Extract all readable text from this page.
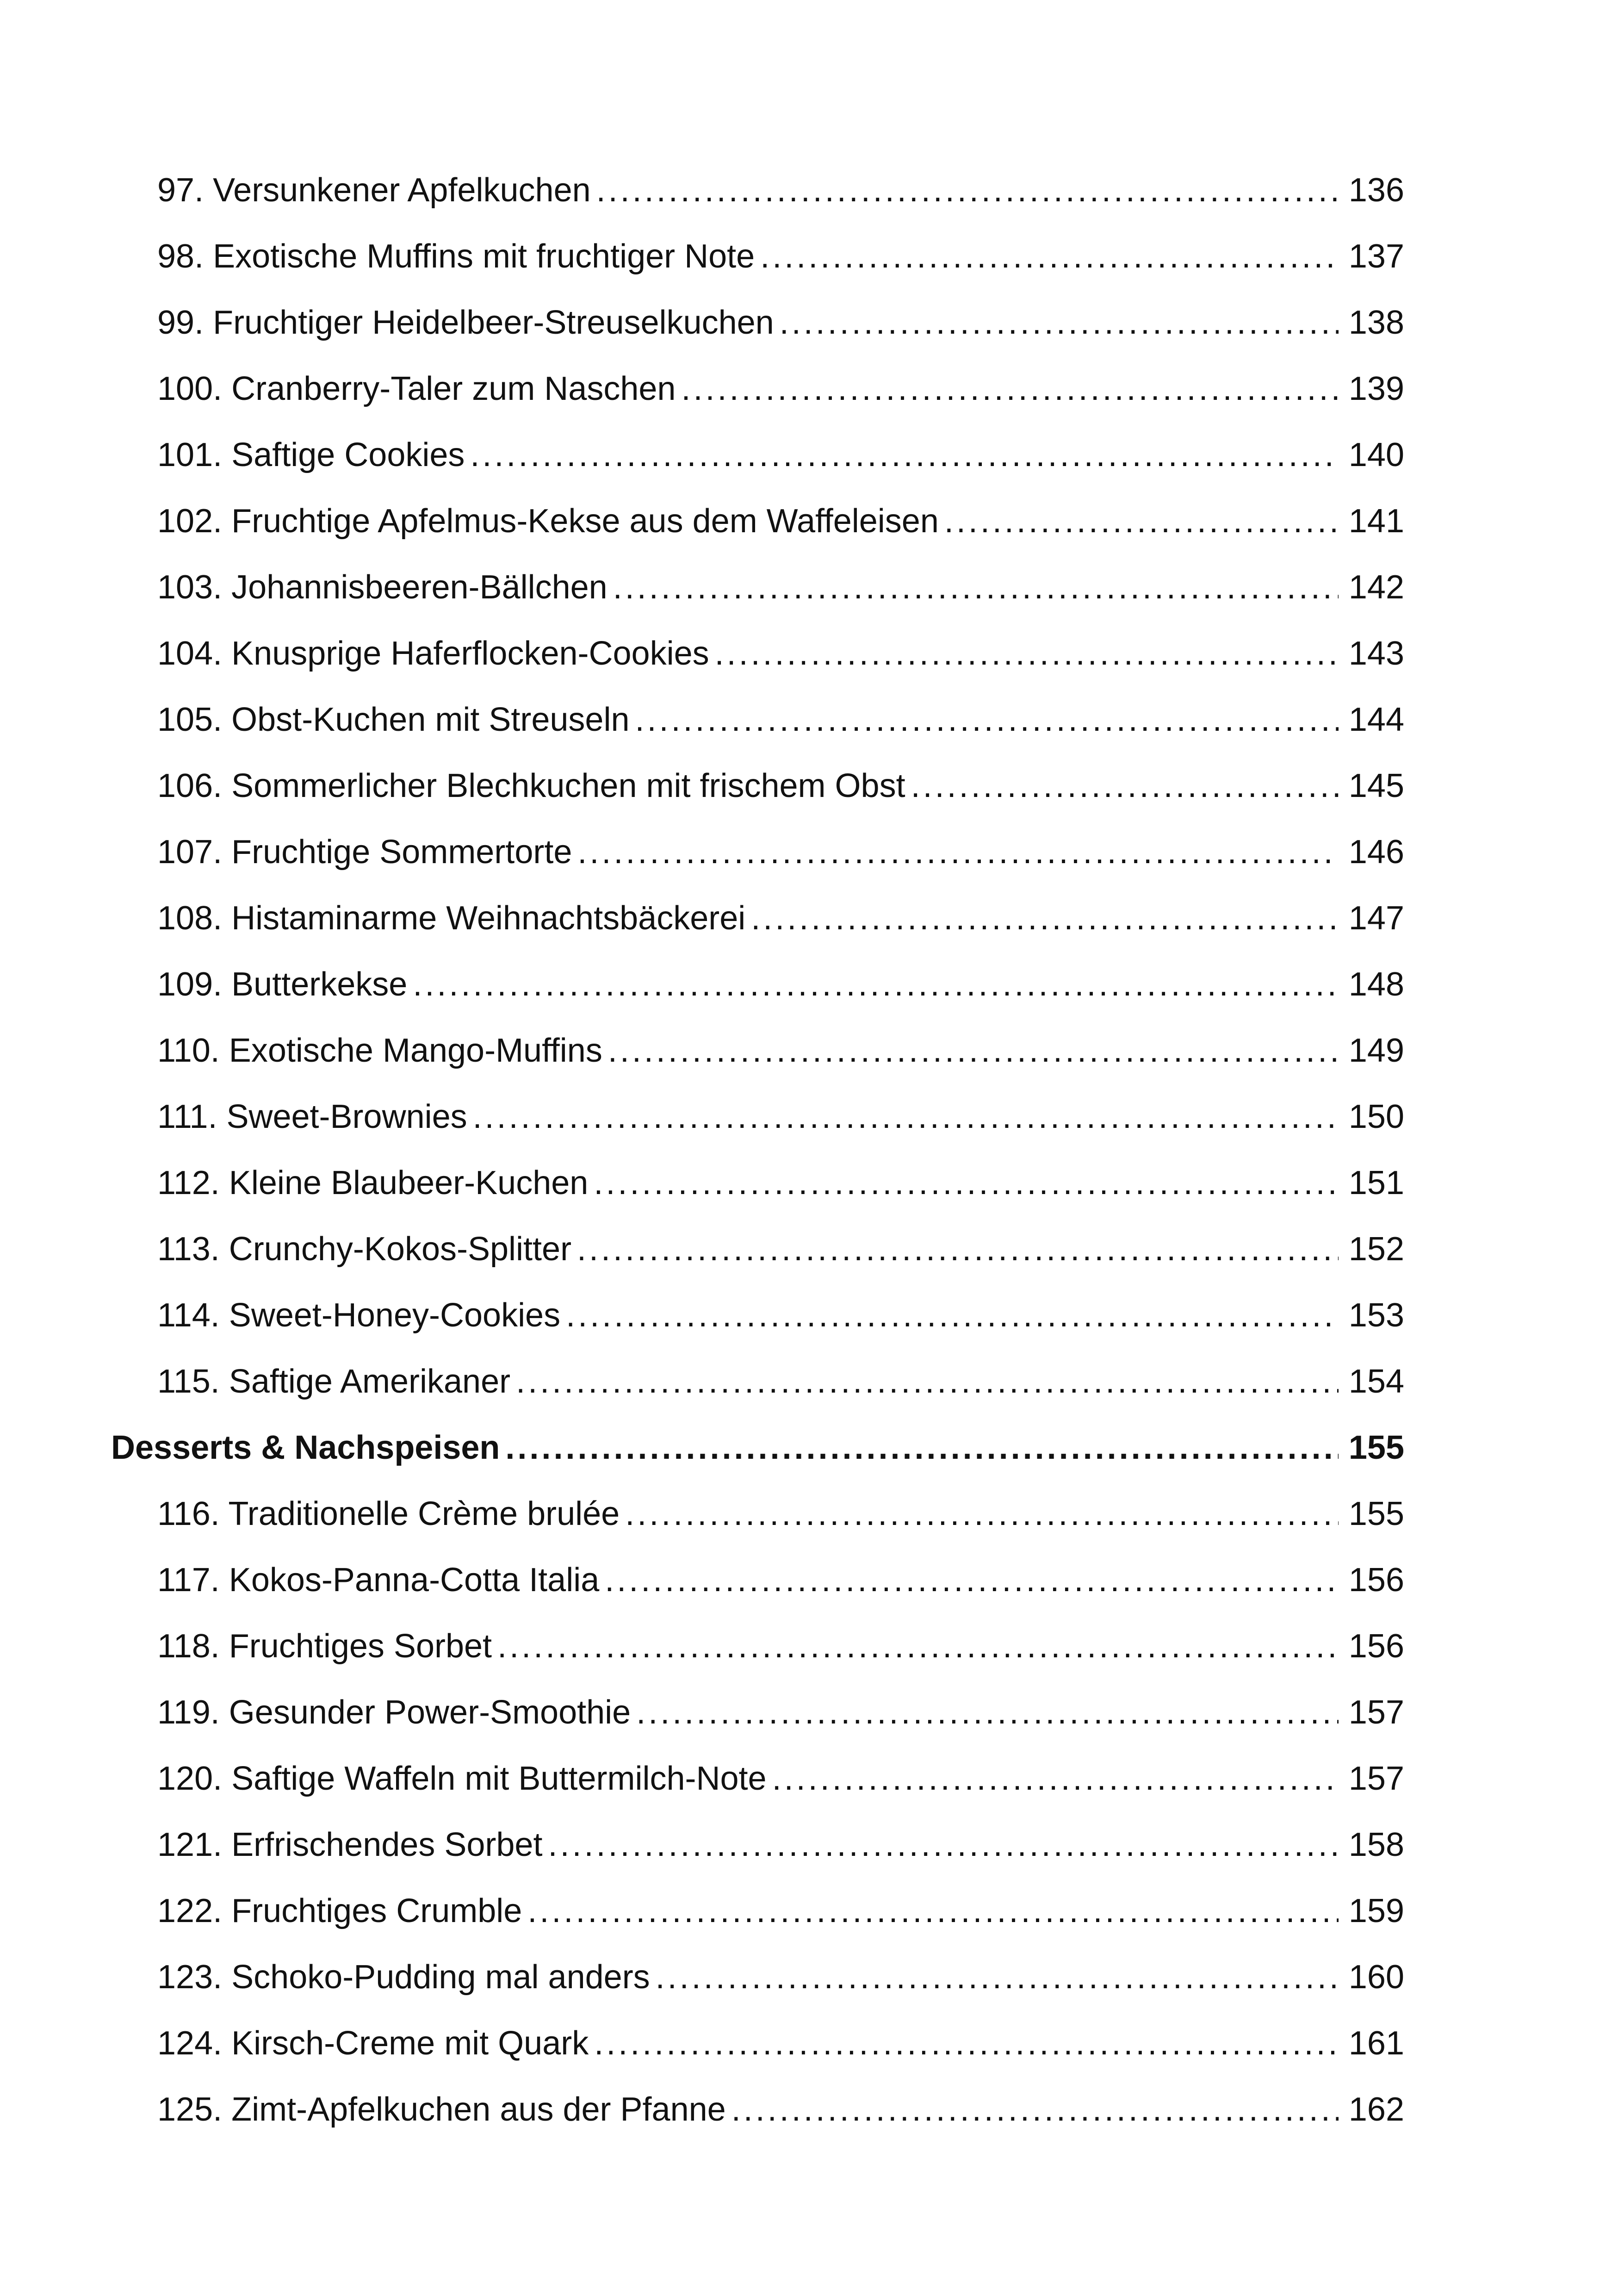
97. Versunkener Apfelkuchen .....	136
98. Exotische Muffins mit fruchtiger Note .....	137
99. Fruchtiger Heidelbeer-Streuselkuchen .....	138
100. Cranberry-Taler zum Naschen .....	139
101. Saftige Cookies .....	140
102. Fruchtige Apfelmus-Kekse aus dem Waffeleisen .....	141
103. Johannisbeeren-Bällchen .....	142
104. Knusprige Haferflocken-Cookies .....	143
105. Obst-Kuchen mit Streuseln .....	144
106. Sommerlicher Blechkuchen mit frischem Obst .....	145
107. Fruchtige Sommertorte .....	146
108. Histaminarme Weihnachtsbäckerei .....	147
109. Butterkekse .....	148
110. Exotische Mango-Muffins .....	149
111. Sweet-Brownies .....	150
112. Kleine Blaubeer-Kuchen .....	151
113. Crunchy-Kokos-Splitter .....	152
114. Sweet-Honey-Cookies .....	153
115. Saftige Amerikaner .....	154
Desserts & Nachspeisen .....	155
116. Traditionelle Crème brulée .....	155
117. Kokos-Panna-Cotta Italia .....	156
118. Fruchtiges Sorbet .....	156
119. Gesunder Power-Smoothie .....	157
120. Saftige Waffeln mit Buttermilch-Note .....	157
121. Erfrischendes Sorbet .....	158
122. Fruchtiges Crumble .....	159
123. Schoko-Pudding mal anders .....	160
124. Kirsch-Creme mit Quark .....	161
125. Zimt-Apfelkuchen aus der Pfanne .....	162
